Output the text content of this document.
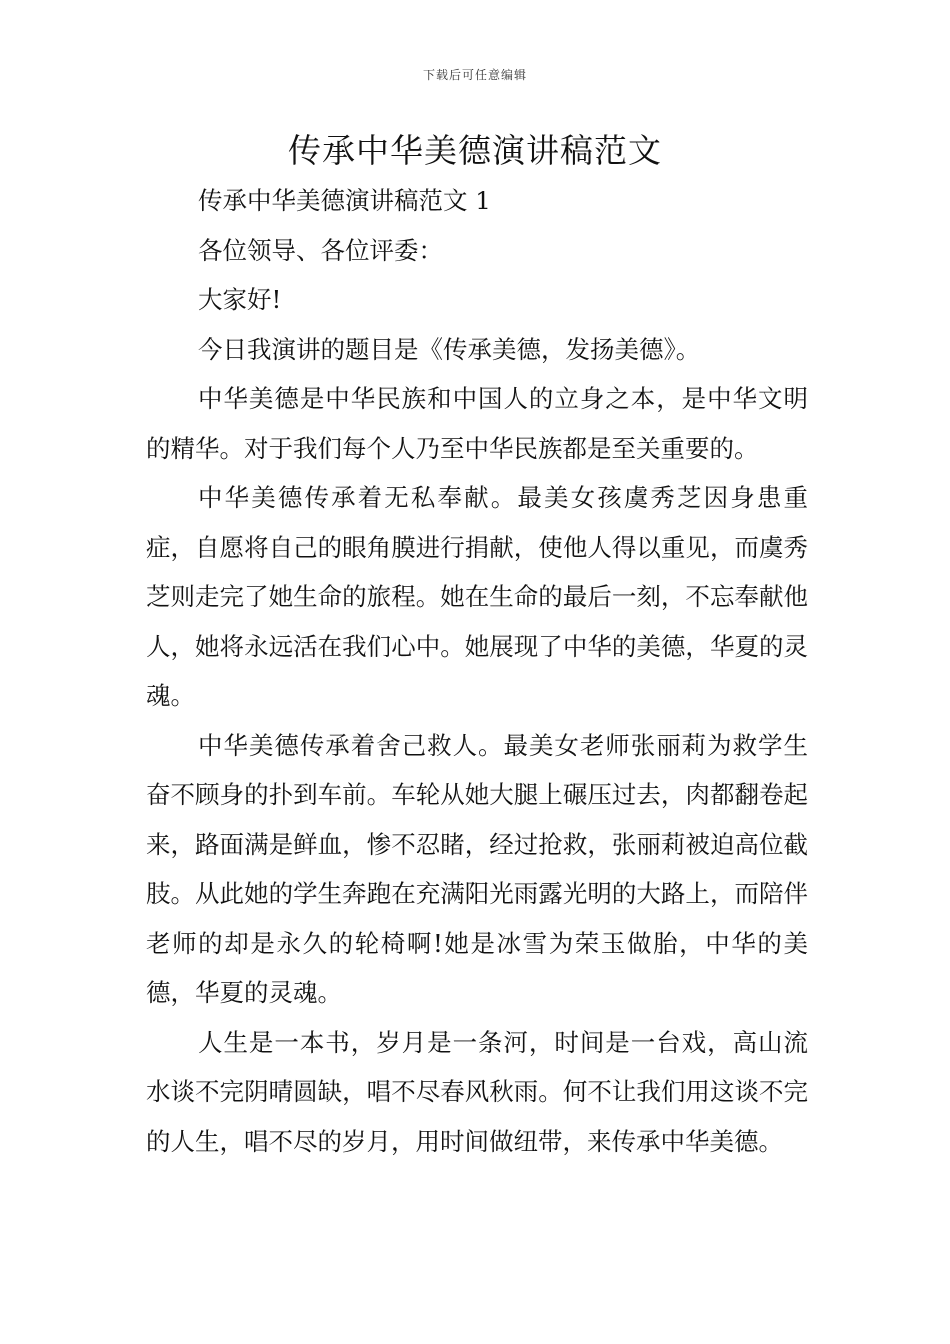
下载后可任意编辑
传承中华美德演讲稿范文

传承中华美德演讲稿范文 1

各位领导、各位评委：

大家好!

今日我演讲的题目是《传承美德，发扬美德》。

中华美德是中华民族和中国人的立身之本，是中华文明的精华。对于我们每个人乃至中华民族都是至关重要的。

中华美德传承着无私奉献。最美女孩虞秀芝因身患重症，自愿将自己的眼角膜进行捐献，使他人得以重见，而虞秀芝则走完了她生命的旅程。她在生命的最后一刻，不忘奉献他人，她将永远活在我们心中。她展现了中华的美德，华夏的灵魂。

中华美德传承着舍己救人。最美女老师张丽莉为救学生奋不顾身的扑到车前。车轮从她大腿上碾压过去，肉都翻卷起来，路面满是鲜血，惨不忍睹，经过抢救，张丽莉被迫高位截肢。从此她的学生奔跑在充满阳光雨露光明的大路上，而陪伴老师的却是永久的轮椅啊!她是冰雪为荣玉做胎，中华的美德，华夏的灵魂。

人生是一本书，岁月是一条河，时间是一台戏，高山流水谈不完阴晴圆缺，唱不尽春风秋雨。何不让我们用这谈不完的人生，唱不尽的岁月，用时间做纽带，来传承中华美德。
